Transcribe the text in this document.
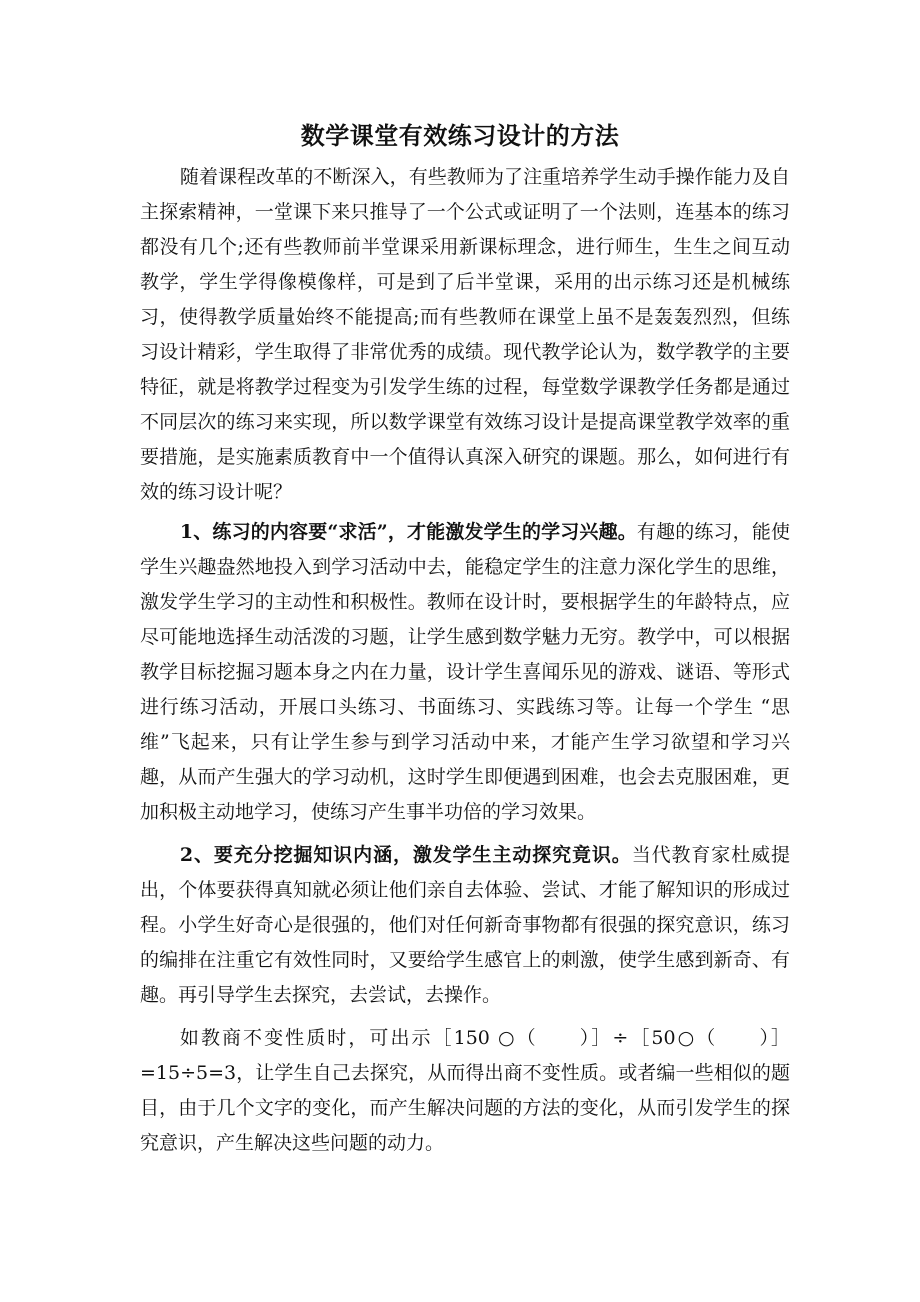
数学课堂有效练习设计的方法

随着课程改革的不断深入，有些教师为了注重培养学生动手操作能力及自主探索精神，一堂课下来只推导了一个公式或证明了一个法则，连基本的练习都没有几个;还有些教师前半堂课采用新课标理念，进行师生，生生之间互动教学，学生学得像模像样，可是到了后半堂课，采用的出示练习还是机械练习，使得教学质量始终不能提高;而有些教师在课堂上虽不是轰轰烈烈，但练习设计精彩，学生取得了非常优秀的成绩。现代教学论认为，数学教学的主要特征，就是将教学过程变为引发学生练的过程，每堂数学课教学任务都是通过不同层次的练习来实现，所以数学课堂有效练习设计是提高课堂教学效率的重要措施，是实施素质教育中一个值得认真深入研究的课题。那么，如何进行有效的练习设计呢？

1、练习的内容要“求活”，才能激发学生的学习兴趣。有趣的练习，能使学生兴趣盎然地投入到学习活动中去，能稳定学生的注意力深化学生的思维，激发学生学习的主动性和积极性。教师在设计时，要根据学生的年龄特点，应尽可能地选择生动活泼的习题，让学生感到数学魅力无穷。教学中，可以根据教学目标挖掘习题本身之内在力量，设计学生喜闻乐见的游戏、谜语、等形式进行练习活动，开展口头练习、书面练习、实践练习等。让每一个学生 “思维”飞起来，只有让学生参与到学习活动中来，才能产生学习欲望和学习兴趣，从而产生强大的学习动机，这时学生即便遇到困难，也会去克服困难，更加积极主动地学习，使练习产生事半功倍的学习效果。

2、要充分挖掘知识内涵，激发学生主动探究竟识。当代教育家杜威提出，个体要获得真知就必须让他们亲自去体验、尝试、才能了解知识的形成过程。小学生好奇心是很强的，他们对任何新奇事物都有很强的探究意识，练习的编排在注重它有效性同时，又要给学生感官上的刺激，使学生感到新奇、有趣。再引导学生去探究，去尝试，去操作。

如教商不变性质时，可出示［150 ○（　　）］÷［50○（　　）］=15÷5=3，让学生自己去探究，从而得出商不变性质。或者编一些相似的题目，由于几个文字的变化，而产生解决问题的方法的变化，从而引发学生的探究意识，产生解决这些问题的动力。
